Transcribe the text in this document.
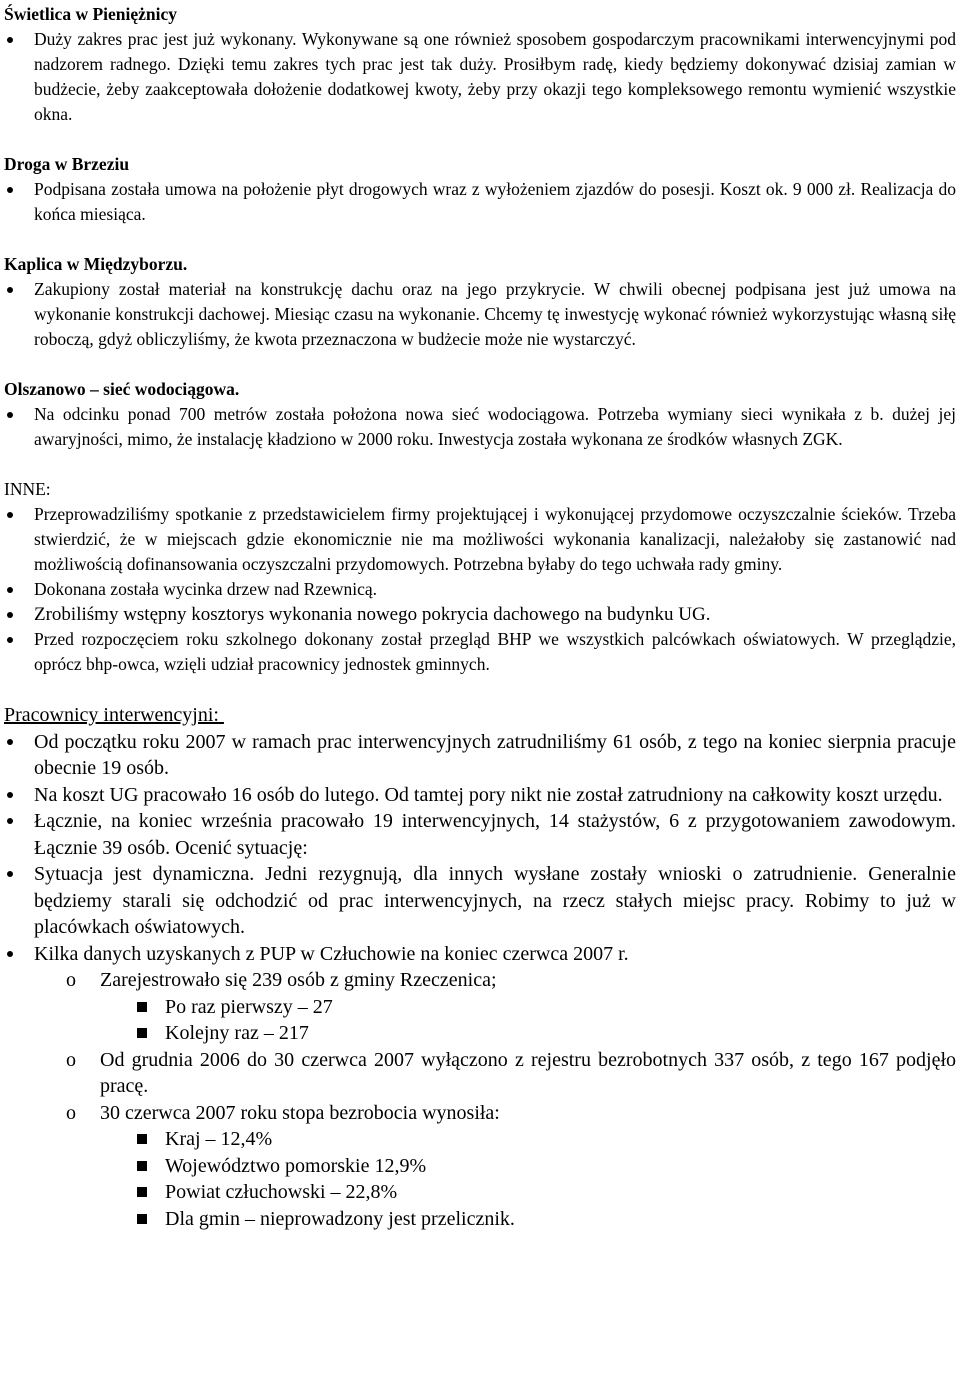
Świetlica w Pieniężnicy

Duży zakres prac jest już wykonany. Wykonywane są one również sposobem gospodarczym pracownikami interwencyjnymi pod nadzorem radnego. Dzięki temu zakres tych prac jest tak duży. Prosiłbym radę, kiedy będziemy dokonywać dzisiaj zamian w budżecie, żeby zaakceptowała dołożenie dodatkowej kwoty, żeby przy okazji tego kompleksowego remontu wymienić wszystkie okna.

Droga w Brzeziu

Podpisana została umowa na położenie płyt drogowych wraz z wyłożeniem zjazdów do posesji. Koszt ok. 9 000 zł. Realizacja do końca miesiąca.

Kaplica w Międzyborzu.

Zakupiony został materiał na konstrukcję dachu oraz na jego przykrycie. W chwili obecnej podpisana jest już umowa na wykonanie konstrukcji dachowej. Miesiąc czasu na wykonanie. Chcemy tę inwestycję wykonać również wykorzystując własną siłę roboczą, gdyż obliczyliśmy, że kwota przeznaczona w budżecie może nie wystarczyć.

Olszanowo – sieć wodociągowa.

Na odcinku ponad 700 metrów została położona nowa sieć wodociągowa. Potrzeba wymiany sieci wynikała z b. dużej jej awaryjności, mimo, że instalację kładziono w 2000 roku. Inwestycja została wykonana ze środków własnych ZGK.

INNE:

Przeprowadziliśmy spotkanie z przedstawicielem firmy projektującej i wykonującej przydomowe oczyszczalnie ścieków. Trzeba stwierdzić, że w miejscach gdzie ekonomicznie nie ma możliwości wykonania kanalizacji, należałoby się zastanowić nad możliwością dofinansowania oczyszczalni przydomowych. Potrzebna byłaby do tego uchwała rady gminy.
Dokonana została wycinka drzew nad Rzewnicą.
Zrobiliśmy wstępny kosztorys wykonania nowego pokrycia dachowego na budynku UG.
Przed rozpoczęciem roku szkolnego dokonany został przegląd BHP we wszystkich palcówkach oświatowych. W przeglądzie, oprócz bhp-owca, wzięli udział pracownicy jednostek gminnych.

Pracownicy interwencyjni:

Od początku roku 2007 w ramach prac interwencyjnych zatrudniliśmy 61 osób, z tego na koniec sierpnia pracuje obecnie 19 osób.
Na koszt UG pracowało 16 osób do lutego. Od tamtej pory nikt nie został zatrudniony na całkowity koszt urzędu.
Łącznie, na koniec września pracowało 19 interwencyjnych, 14 stażystów, 6 z przygotowaniem zawodowym. Łącznie 39 osób. Ocenić sytuację:
Sytuacja jest dynamiczna. Jedni rezygnują, dla innych wysłane zostały wnioski o zatrudnienie. Generalnie będziemy starali się odchodzić od prac interwencyjnych, na rzecz stałych miejsc pracy. Robimy to już w placówkach oświatowych.
Kilka danych uzyskanych z PUP w Człuchowie na koniec czerwca 2007 r.
o Zarejestrowało się 239 osób z gminy Rzeczenica;
Po raz pierwszy – 27
Kolejny raz – 217
o Od grudnia 2006 do 30 czerwca 2007 wyłączono z rejestru bezrobotnych 337 osób, z tego 167 podjęło pracę.
o 30 czerwca 2007 roku stopa bezrobocia wynosiła:
Kraj – 12,4%
Województwo pomorskie 12,9%
Powiat człuchowski – 22,8%
Dla gmin – nieprowadzony jest przelicznik.
